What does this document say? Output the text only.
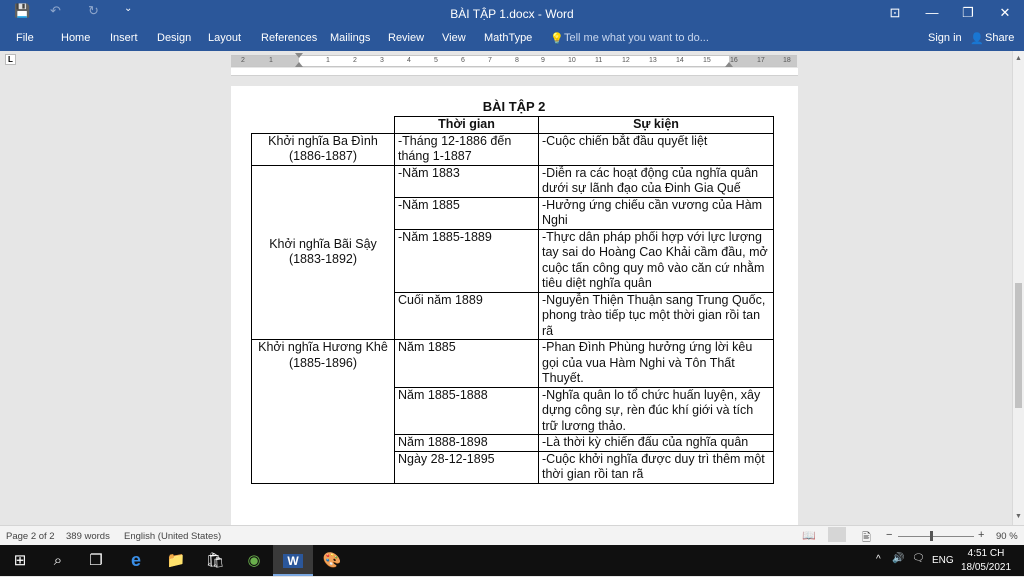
💾 ↶ ↻	⌄	BÀI TẬP 1.docx - Word	⊡	—	❐	✕
File Home Insert Design Layout References Mailings Review View MathType 💡 Tell me what you want to do...	Sign in 👤 Share
L	2	1	1	2	3	4	5	6	7	8	9	10	11	12	13	14	15	16	17	18
BÀI TẬP 2
	Thời gian	Sự kiện
Khởi nghĩa Ba Đình
(1886-1887)	-Tháng 12-1886 đến tháng 1-1887	-Cuộc chiến bắt đầu quyết liệt
Khởi nghĩa Bãi Sậy
(1883-1892)	-Năm 1883	-Diễn ra các hoạt động của nghĩa quân dưới sự lãnh đạo của Đinh Gia Quế
	-Năm 1885	-Hưởng ứng chiếu cần vương của Hàm Nghi
	-Năm 1885-1889	-Thực dân pháp phối hợp với lực lượng tay sai do Hoàng Cao Khải cầm đầu, mở cuộc tấn công quy mô vào căn cứ nhằm tiêu diệt nghĩa quân
	Cuối năm 1889	-Nguyễn Thiện Thuận sang Trung Quốc, phong trào tiếp tục một thời gian rồi tan rã
Khởi nghĩa Hương Khê
(1885-1896)	Năm 1885	-Phan Đình Phùng hưởng ứng lời kêu gọi của vua Hàm Nghi và Tôn Thất Thuyết.
	Năm 1885-1888	-Nghĩa quân lo tổ chức huấn luyện, xây dựng công sự, rèn đúc khí giới và tích trữ lương thảo.
	Năm 1888-1898	-Là thời kỳ chiến đấu của nghĩa quân
	Ngày 28-12-1895	-Cuộc khởi nghĩa được duy trì thêm một thời gian rồi tan rã
▲
▼
Page 2 of 2 389 words English (United States)	📖	🖹 −	+ 90 %
⊞	⌕	❐	e	📁	🛍	◉	W	🎨	^ 🔊 🗨 ENG
4:51 CH
18/05/2021
